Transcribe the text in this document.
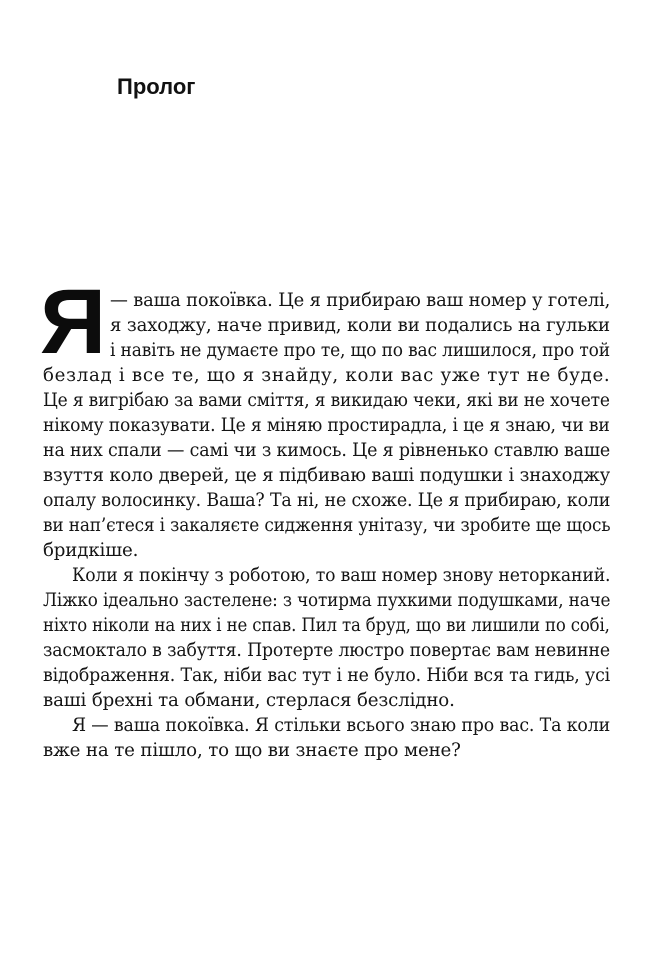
Пролог
Я — ваша покоївка. Це я прибираю ваш номер у готелі,
я заходжу, наче привид, коли ви подались на гульки
і навіть не думаєте про те, що по вас лишилося, про той
безлад і все те, що я знайду, коли вас уже тут не буде.
Це я вигрібаю за вами сміття, я викидаю чеки, які ви не хочете
нікому показувати. Це я міняю простирадла, і це я знаю, чи ви
на них спали — самі чи з кимось. Це я рівненько ставлю ваше
взуття коло дверей, це я підбиваю ваші подушки і знаходжу
опалу волосинку. Ваша? Та ні, не схоже. Це я прибираю, коли
ви нап’єтеся і закаляєте сидження унітазу, чи зробите ще щось
бридкіше.
Коли я покінчу з роботою, то ваш номер знову неторканий.
Ліжко ідеально застелене: з чотирма пухкими подушками, наче
ніхто ніколи на них і не спав. Пил та бруд, що ви лишили по собі,
засмоктало в забуття. Протерте люстро повертає вам невинне
відображення. Так, ніби вас тут і не було. Ніби вся та гидь, усі
ваші брехні та обмани, стерлася безслідно.
Я — ваша покоївка. Я стільки всього знаю про вас. Та коли
вже на те пішло, то що ви знаєте про мене?
